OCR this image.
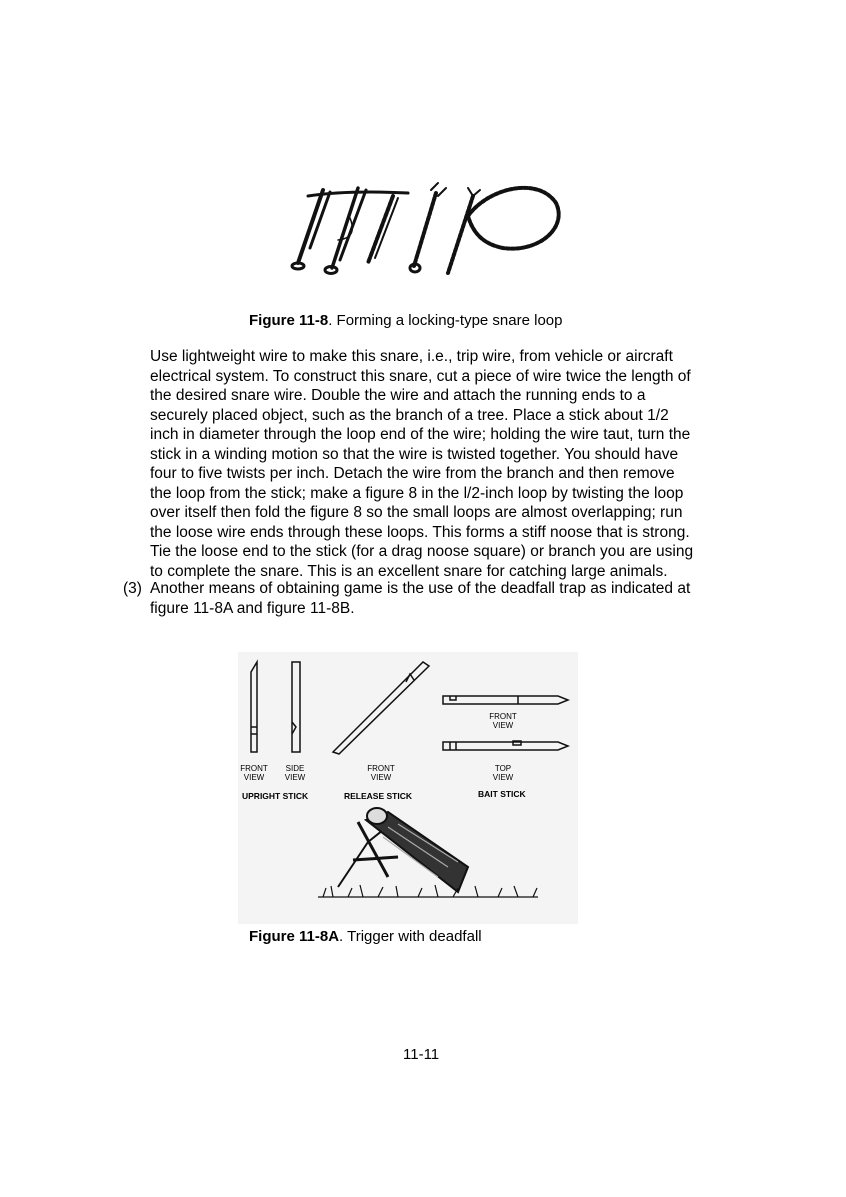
Figure 11-8. Forming a locking-type snare loop
Use lightweight wire to make this snare, i.e., trip wire, from vehicle or aircraft
electrical system. To construct this snare, cut a piece of wire twice the length of
the desired snare wire. Double the wire and attach the running ends to a
securely placed object, such as the branch of a tree. Place a stick about 1/2
inch in diameter through the loop end of the wire; holding the wire taut, turn the
stick in a winding motion so that the wire is twisted together. You should have
four to five twists per inch. Detach the wire from the branch and then remove
the loop from the stick; make a figure 8 in the l/2-inch loop by twisting the loop
over itself then fold the figure 8 so the small loops are almost overlapping; run
the loose wire ends through these loops. This forms a stiff noose that is strong.
Tie the loose end to the stick (for a drag noose square) or branch you are using
to complete the snare. This is an excellent snare for catching large animals.
(3) Another means of obtaining game is the use of the deadfall trap as indicated at
figure 11-8A and figure 11-8B.
FRONT
VIEW
SIDE
VIEW
FRONT
VIEW
FRONT
VIEW
TOP
VIEW
UPRIGHT STICK	RELEASE STICK	BAIT STICK
Figure 11-8A. Trigger with deadfall
11-11
